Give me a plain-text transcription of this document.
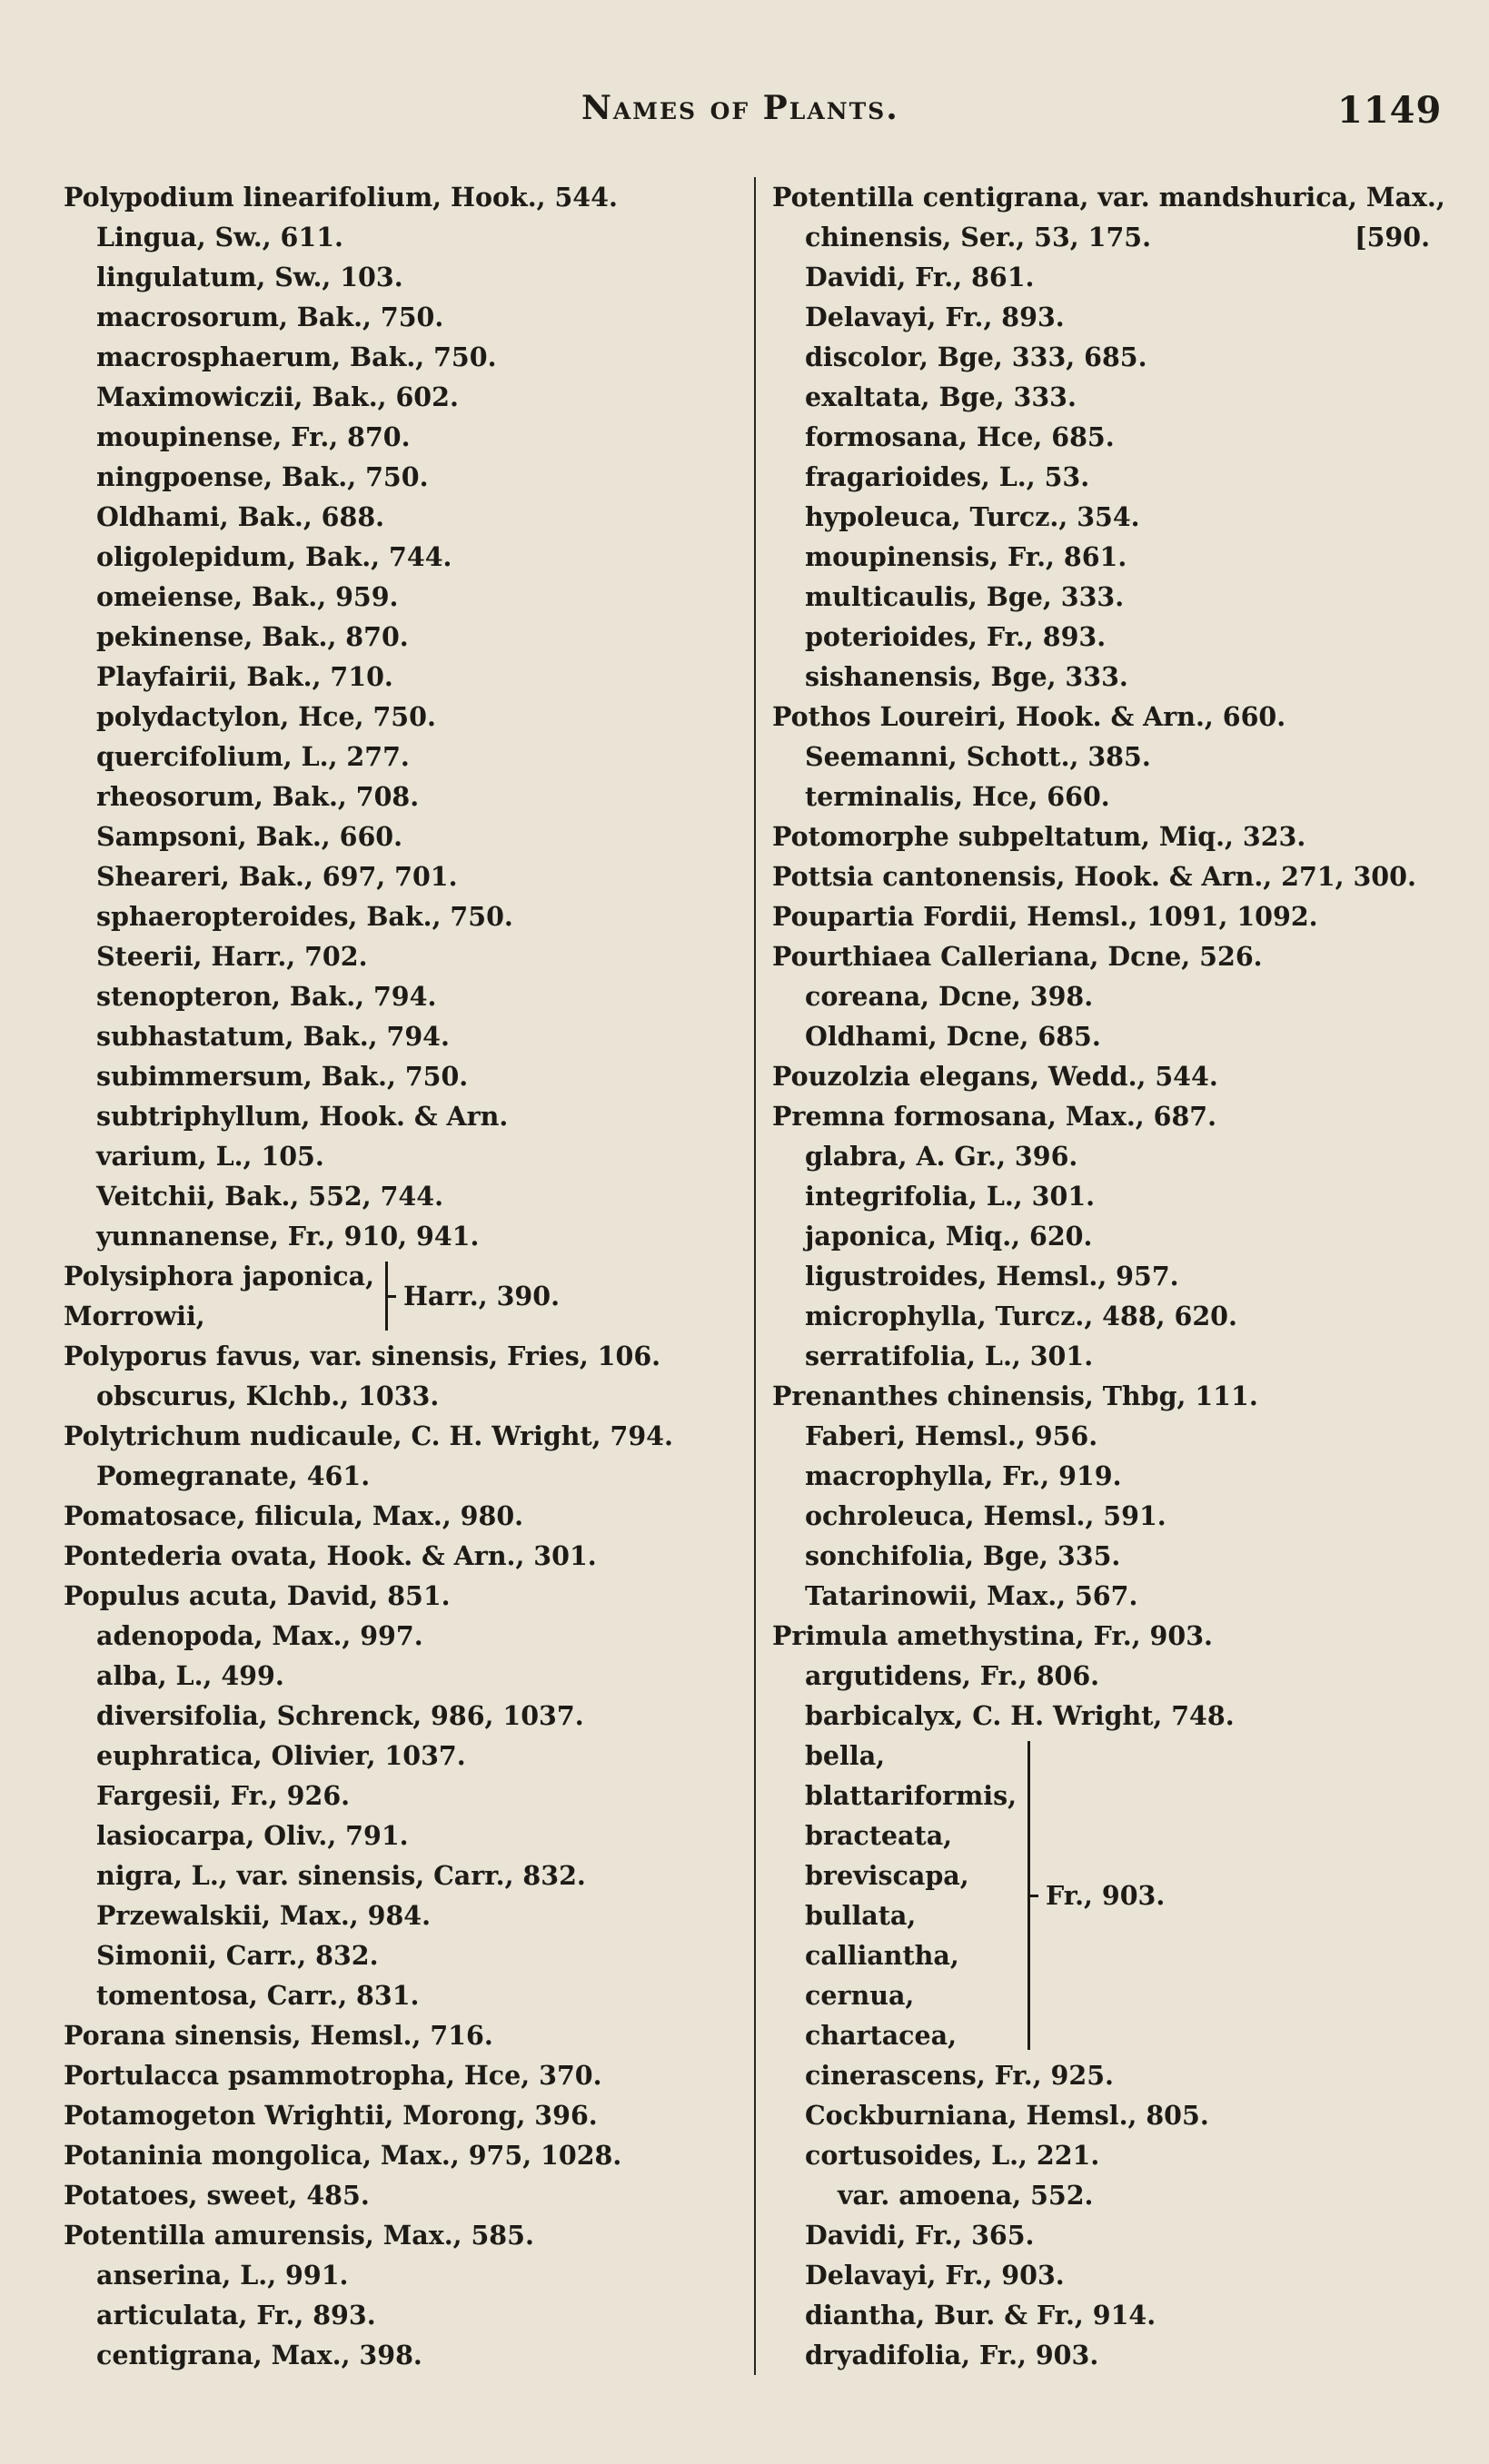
Names of Plants.	1149
Polypodium linearifolium, Hook., 544.
Lingua, Sw., 611.
lingulatum, Sw., 103.
macrosorum, Bak., 750.
macrosphaerum, Bak., 750.
Maximowiczii, Bak., 602.
moupinense, Fr., 870.
ningpoense, Bak., 750.
Oldhami, Bak., 688.
oligolepidum, Bak., 744.
omeiense, Bak., 959.
pekinense, Bak., 870.
Playfairii, Bak., 710.
polydactylon, Hce, 750.
quercifolium, L., 277.
rheosorum, Bak., 708.
Sampsoni, Bak., 660.
Sheareri, Bak., 697, 701.
sphaeropteroides, Bak., 750.
Steerii, Harr., 702.
stenopteron, Bak., 794.
subhastatum, Bak., 794.
subimmersum, Bak., 750.
subtriphyllum, Hook. & Arn.
varium, L., 105.
Veitchii, Bak., 552, 744.
yunnanense, Fr., 910, 941.
Polysiphora japonica,
Morrowii,
Harr., 390.
Polyporus favus, var. sinensis, Fries, 106.
obscurus, Klchb., 1033.
Polytrichum nudicaule, C. H. Wright, 794.
Pomegranate, 461.
Pomatosace, filicula, Max., 980.
Pontederia ovata, Hook. & Arn., 301.
Populus acuta, David, 851.
adenopoda, Max., 997.
alba, L., 499.
diversifolia, Schrenck, 986, 1037.
euphratica, Olivier, 1037.
Fargesii, Fr., 926.
lasiocarpa, Oliv., 791.
nigra, L., var. sinensis, Carr., 832.
Przewalskii, Max., 984.
Simonii, Carr., 832.
tomentosa, Carr., 831.
Porana sinensis, Hemsl., 716.
Portulacca psammotropha, Hce, 370.
Potamogeton Wrightii, Morong, 396.
Potaninia mongolica, Max., 975, 1028.
Potatoes, sweet, 485.
Potentilla amurensis, Max., 585.
anserina, L., 991.
articulata, Fr., 893.
centigrana, Max., 398.
Potentilla centigrana, var. mandshurica, Max.,
chinensis, Ser., 53, 175.	[590.
Davidi, Fr., 861.
Delavayi, Fr., 893.
discolor, Bge, 333, 685.
exaltata, Bge, 333.
formosana, Hce, 685.
fragarioides, L., 53.
hypoleuca, Turcz., 354.
moupinensis, Fr., 861.
multicaulis, Bge, 333.
poterioides, Fr., 893.
sishanensis, Bge, 333.
Pothos Loureiri, Hook. & Arn., 660.
Seemanni, Schott., 385.
terminalis, Hce, 660.
Potomorphe subpeltatum, Miq., 323.
Pottsia cantonensis, Hook. & Arn., 271, 300.
Poupartia Fordii, Hemsl., 1091, 1092.
Pourthiaea Calleriana, Dcne, 526.
coreana, Dcne, 398.
Oldhami, Dcne, 685.
Pouzolzia elegans, Wedd., 544.
Premna formosana, Max., 687.
glabra, A. Gr., 396.
integrifolia, L., 301.
japonica, Miq., 620.
ligustroides, Hemsl., 957.
microphylla, Turcz., 488, 620.
serratifolia, L., 301.
Prenanthes chinensis, Thbg, 111.
Faberi, Hemsl., 956.
macrophylla, Fr., 919.
ochroleuca, Hemsl., 591.
sonchifolia, Bge, 335.
Tatarinowii, Max., 567.
Primula amethystina, Fr., 903.
argutidens, Fr., 806.
barbicalyx, C. H. Wright, 748.
bella,
blattariformis,
bracteata,
breviscapa,
bullata,
calliantha,
cernua,
chartacea,
Fr., 903.
cinerascens, Fr., 925.
Cockburniana, Hemsl., 805.
cortusoides, L., 221.
var. amoena, 552.
Davidi, Fr., 365.
Delavayi, Fr., 903.
diantha, Bur. & Fr., 914.
dryadifolia, Fr., 903.
